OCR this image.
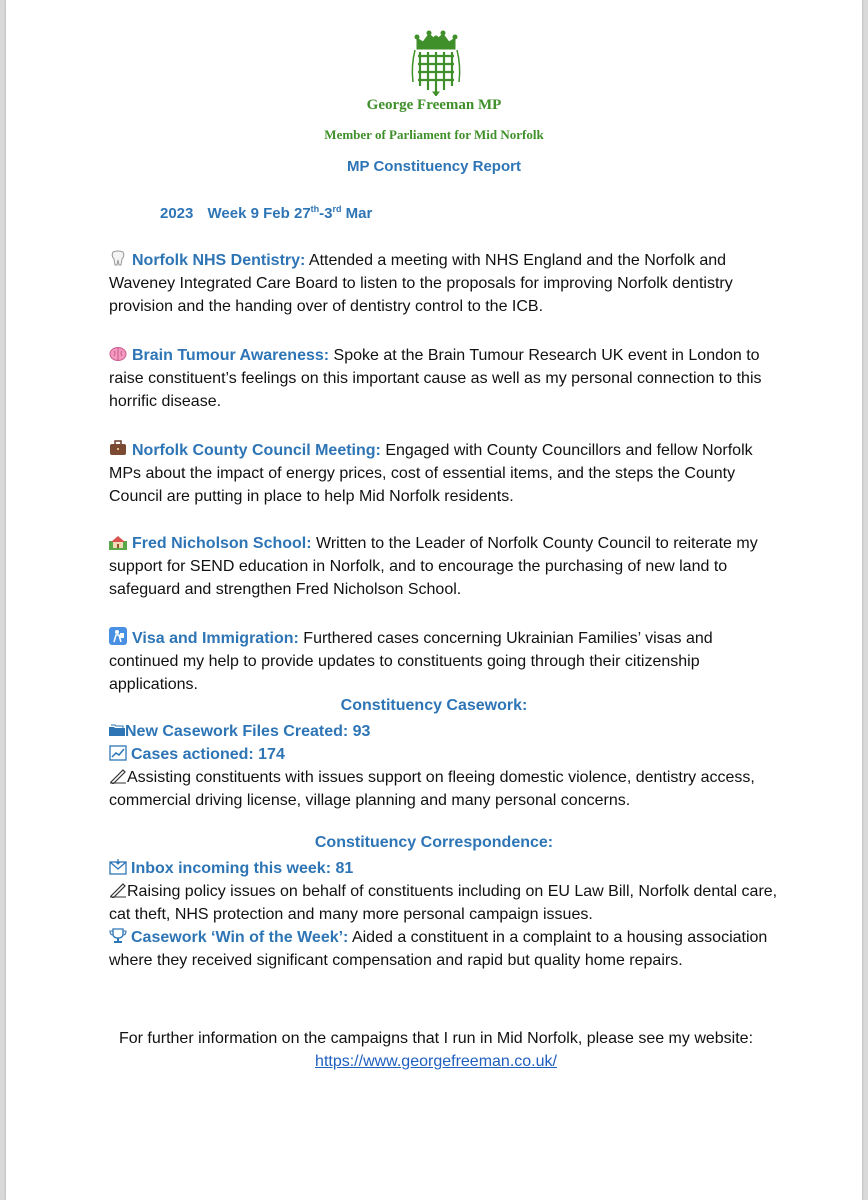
George Freeman MP
Member of Parliament for Mid Norfolk
MP Constituency Report
2023 Week 9 Feb 27th-3rd Mar
Norfolk NHS Dentistry: Attended a meeting with NHS England and the Norfolk and Waveney Integrated Care Board to listen to the proposals for improving Norfolk dentistry provision and the handing over of dentistry control to the ICB.
Brain Tumour Awareness: Spoke at the Brain Tumour Research UK event in London to raise constituent’s feelings on this important cause as well as my personal connection to this horrific disease.
Norfolk County Council Meeting: Engaged with County Councillors and fellow Norfolk MPs about the impact of energy prices, cost of essential items, and the steps the County Council are putting in place to help Mid Norfolk residents.
Fred Nicholson School: Written to the Leader of Norfolk County Council to reiterate my support for SEND education in Norfolk, and to encourage the purchasing of new land to safeguard and strengthen Fred Nicholson School.
Visa and Immigration: Furthered cases concerning Ukrainian Families’ visas and continued my help to provide updates to constituents going through their citizenship applications.
Constituency Casework:
New Casework Files Created: 93
Cases actioned: 174
Assisting constituents with issues support on fleeing domestic violence, dentistry access, commercial driving license, village planning and many personal concerns.
Constituency Correspondence:
Inbox incoming this week: 81
Raising policy issues on behalf of constituents including on EU Law Bill, Norfolk dental care, cat theft, NHS protection and many more personal campaign issues.
Casework ‘Win of the Week’: Aided a constituent in a complaint to a housing association where they received significant compensation and rapid but quality home repairs.
For further information on the campaigns that I run in Mid Norfolk, please see my website: https://www.georgefreeman.co.uk/
